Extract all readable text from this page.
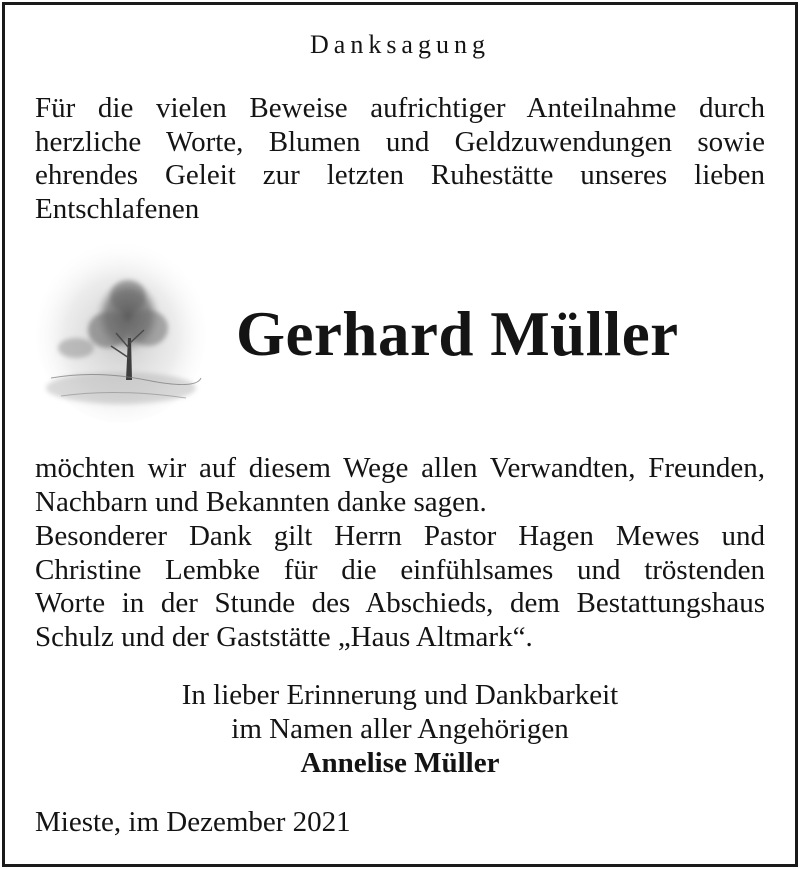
Danksagung
Für die vielen Beweise aufrichtiger Anteilnahme durch
herzliche Worte, Blumen und Geldzuwendungen sowie
ehrendes Geleit zur letzten Ruhestätte unseres lieben
Entschlafenen
Gerhard Müller
möchten wir auf diesem Wege allen Verwandten, Freunden,
Nachbarn und Bekannten danke sagen.
Besonderer Dank gilt Herrn Pastor Hagen Mewes und
Christine Lembke für die einfühlsames und tröstenden
Worte in der Stunde des Abschieds, dem Bestattungshaus
Schulz und der Gaststätte „Haus Altmark“.
In lieber Erinnerung und Dankbarkeit
im Namen aller Angehörigen
Annelise Müller
Mieste, im Dezember 2021
